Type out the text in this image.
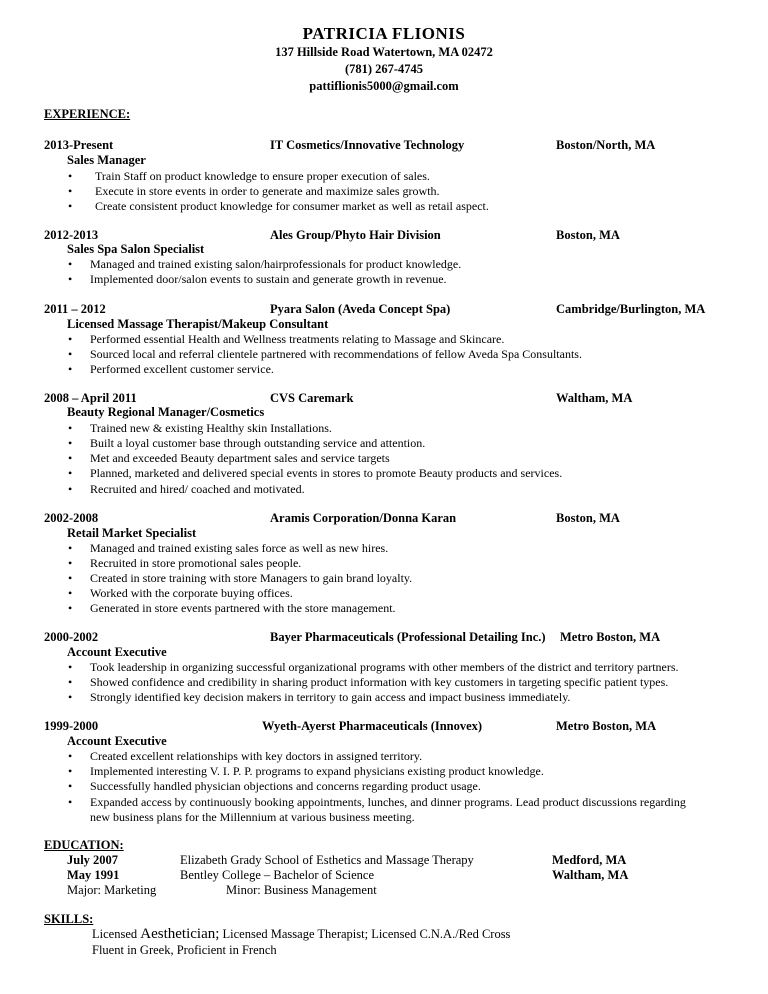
PATRICIA FLIONIS
137 Hillside Road Watertown, MA 02472
(781) 267-4745
pattiflionis5000@gmail.com
EXPERIENCE:
2013-Present	IT Cosmetics/Innovative Technology	Boston/North, MA
Sales Manager
• Train Staff on product knowledge to ensure proper execution of sales.
• Execute in store events in order to generate and maximize sales growth.
• Create consistent product knowledge for consumer market as well as retail aspect.
2012-2013	Ales Group/Phyto Hair Division	Boston, MA
Sales Spa Salon Specialist
• Managed and trained existing salon/hairprofessionals for product knowledge.
• Implemented door/salon events to sustain and generate growth in revenue.
2011 – 2012	Pyara Salon (Aveda Concept Spa)	Cambridge/Burlington, MA
Licensed Massage Therapist/Makeup Consultant
• Performed essential Health and Wellness treatments relating to Massage and Skincare.
• Sourced local and referral clientele partnered with recommendations of fellow Aveda Spa Consultants.
• Performed excellent customer service.
2008 – April 2011	CVS Caremark	Waltham, MA
Beauty Regional Manager/Cosmetics
• Trained new & existing Healthy skin Installations.
• Built a loyal customer base through outstanding service and attention.
• Met and exceeded Beauty department sales and service targets
• Planned, marketed and delivered special events in stores to promote Beauty products and services.
• Recruited and hired/ coached and motivated.
2002-2008	Aramis Corporation/Donna Karan	Boston, MA
Retail Market Specialist
• Managed and trained existing sales force as well as new hires.
• Recruited in store promotional sales people.
• Created in store training with store Managers to gain brand loyalty.
• Worked with the corporate buying offices.
• Generated in store events partnered with the store management.
2000-2002	Bayer Pharmaceuticals (Professional Detailing Inc.) Metro Boston, MA
Account Executive
• Took leadership in organizing successful organizational programs with other members of the district and territory partners.
• Showed confidence and credibility in sharing product information with key customers in targeting specific patient types.
• Strongly identified key decision makers in territory to gain access and impact business immediately.
1999-2000	Wyeth-Ayerst Pharmaceuticals (Innovex)	Metro Boston, MA
Account Executive
• Created excellent relationships with key doctors in assigned territory.
• Implemented interesting V. I. P. P. programs to expand physicians existing product knowledge.
• Successfully handled physician objections and concerns regarding product usage.
• Expanded access by continuously booking appointments, lunches, and dinner programs. Lead product discussions regarding
new business plans for the Millennium at various business meeting.
EDUCATION:
July 2007	Elizabeth Grady School of Esthetics and Massage Therapy	Medford, MA
May 1991	Bentley College – Bachelor of Science	Waltham, MA
Major: Marketing	Minor: Business Management
SKILLS:
Licensed Aesthetician; Licensed Massage Therapist; Licensed C.N.A./Red Cross
Fluent in Greek, Proficient in French
